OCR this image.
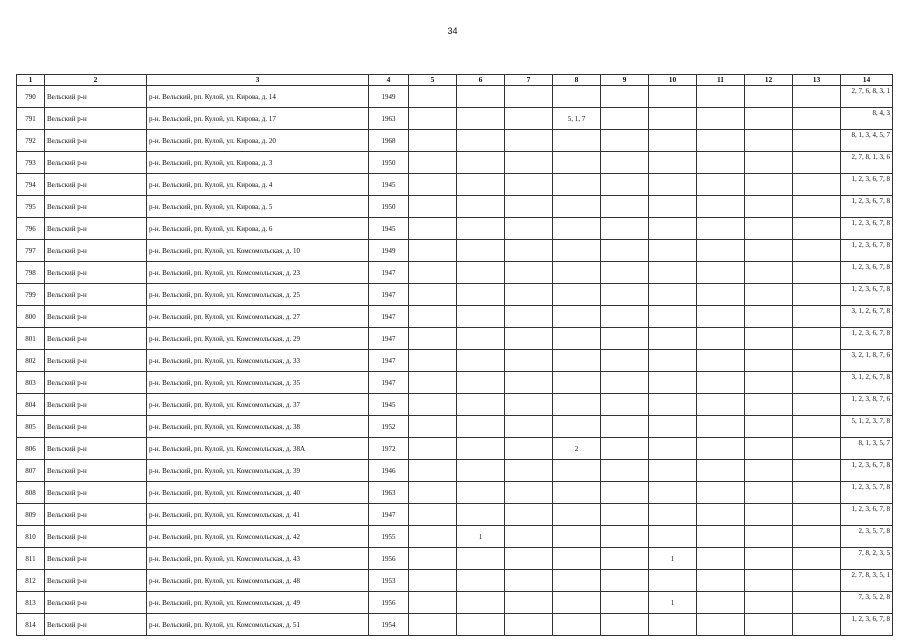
34
1	2	3	4	5	6	7	8	9	10	11	12	13	14
790	Вельский р-н	р-н. Вельский, рп. Кулой, ул. Кирова, д. 14	1949										2, 7, 6, 8, 3, 1
791	Вельский р-н	р-н. Вельский, рп. Кулой, ул. Кирова, д. 17	1963				5, 1, 7						8, 4, 3
792	Вельский р-н	р-н. Вельский, рп. Кулой, ул. Кирова, д. 20	1968										8, 1, 3, 4, 5, 7
793	Вельский р-н	р-н. Вельский, рп. Кулой, ул. Кирова, д. 3	1950										2, 7, 8, 1, 3, 6
794	Вельский р-н	р-н. Вельский, рп. Кулой, ул. Кирова, д. 4	1945										1, 2, 3, 6, 7, 8
795	Вельский р-н	р-н. Вельский, рп. Кулой, ул. Кирова, д. 5	1950										1, 2, 3, 6, 7, 8
796	Вельский р-н	р-н. Вельский, рп. Кулой, ул. Кирова, д. 6	1945										1, 2, 3, 6, 7, 8
797	Вельский р-н	р-н. Вельский, рп. Кулой, ул. Комсомольская, д. 10	1949										1, 2, 3, 6, 7, 8
798	Вельский р-н	р-н. Вельский, рп. Кулой, ул. Комсомольская, д. 23	1947										1, 2, 3, 6, 7, 8
799	Вельский р-н	р-н. Вельский, рп. Кулой, ул. Комсомольская, д. 25	1947										1, 2, 3, 6, 7, 8
800	Вельский р-н	р-н. Вельский, рп. Кулой, ул. Комсомольская, д. 27	1947										3, 1, 2, 6, 7, 8
801	Вельский р-н	р-н. Вельский, рп. Кулой, ул. Комсомольская, д. 29	1947										1, 2, 3, 6, 7, 8
802	Вельский р-н	р-н. Вельский, рп. Кулой, ул. Комсомольская, д. 33	1947										3, 2, 1, 8, 7, 6
803	Вельский р-н	р-н. Вельский, рп. Кулой, ул. Комсомольская, д. 35	1947										3, 1, 2, 6, 7, 8
804	Вельский р-н	р-н. Вельский, рп. Кулой, ул. Комсомольская, д. 37	1945										1, 2, 3, 8, 7, 6
805	Вельский р-н	р-н. Вельский, рп. Кулой, ул. Комсомольская, д. 38	1952										5, 1, 2, 3, 7, 8
806	Вельский р-н	р-н. Вельский, рп. Кулой, ул. Комсомольская, д. 38А	1972				2						8, 1, 3, 5, 7
807	Вельский р-н	р-н. Вельский, рп. Кулой, ул. Комсомольская, д. 39	1946										1, 2, 3, 6, 7, 8
808	Вельский р-н	р-н. Вельский, рп. Кулой, ул. Комсомольская, д. 40	1963										1, 2, 3, 5, 7, 8
809	Вельский р-н	р-н. Вельский, рп. Кулой, ул. Комсомольская, д. 41	1947										1, 2, 3, 6, 7, 8
810	Вельский р-н	р-н. Вельский, рп. Кулой, ул. Комсомольская, д. 42	1955		1								2, 3, 5, 7, 8
811	Вельский р-н	р-н. Вельский, рп. Кулой, ул. Комсомольская, д. 43	1956						1				7, 8, 2, 3, 5
812	Вельский р-н	р-н. Вельский, рп. Кулой, ул. Комсомольская, д. 48	1953										2, 7, 8, 3, 5, 1
813	Вельский р-н	р-н. Вельский, рп. Кулой, ул. Комсомольская, д. 49	1956						1				7, 3, 5, 2, 8
814	Вельский р-н	р-н. Вельский, рп. Кулой, ул. Комсомольская, д. 51	1954										1, 2, 3, 6, 7, 8
